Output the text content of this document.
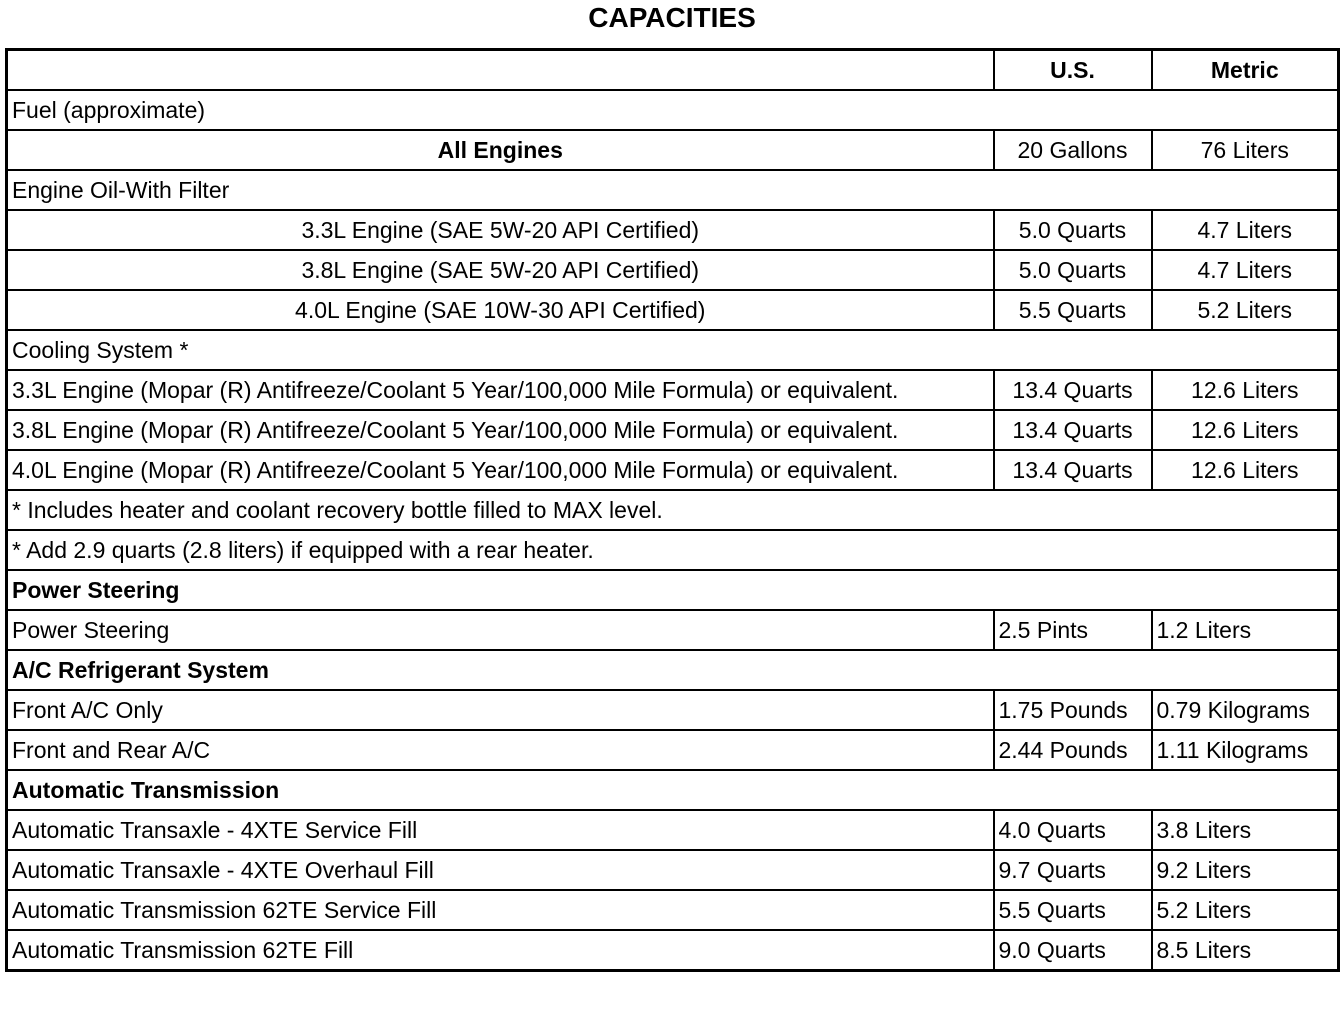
CAPACITIES
	U.S.	Metric
Fuel (approximate)		
All Engines	20 Gallons	76 Liters
Engine Oil-With Filter		
3.3L Engine (SAE 5W-20 API Certified)	5.0 Quarts	4.7 Liters
3.8L Engine (SAE 5W-20 API Certified)	5.0 Quarts	4.7 Liters
4.0L Engine (SAE 10W-30 API Certified)	5.5 Quarts	5.2 Liters
Cooling System *		
3.3L Engine (Mopar (R) Antifreeze/Coolant 5 Year/100,000 Mile Formula) or equivalent.	13.4 Quarts	12.6 Liters
3.8L Engine (Mopar (R) Antifreeze/Coolant 5 Year/100,000 Mile Formula) or equivalent.	13.4 Quarts	12.6 Liters
4.0L Engine (Mopar (R) Antifreeze/Coolant 5 Year/100,000 Mile Formula) or equivalent.	13.4 Quarts	12.6 Liters
* Includes heater and coolant recovery bottle filled to MAX level.		
* Add 2.9 quarts (2.8 liters) if equipped with a rear heater.		
Power Steering		
Power Steering	2.5 Pints	1.2 Liters
A/C Refrigerant System		
Front A/C Only	1.75 Pounds	0.79 Kilograms
Front and Rear A/C	2.44 Pounds	1.11 Kilograms
Automatic Transmission		
Automatic Transaxle - 4XTE Service Fill	4.0 Quarts	3.8 Liters
Automatic Transaxle - 4XTE Overhaul Fill	9.7 Quarts	9.2 Liters
Automatic Transmission 62TE Service Fill	5.5 Quarts	5.2 Liters
Automatic Transmission 62TE Fill	9.0 Quarts	8.5 Liters
